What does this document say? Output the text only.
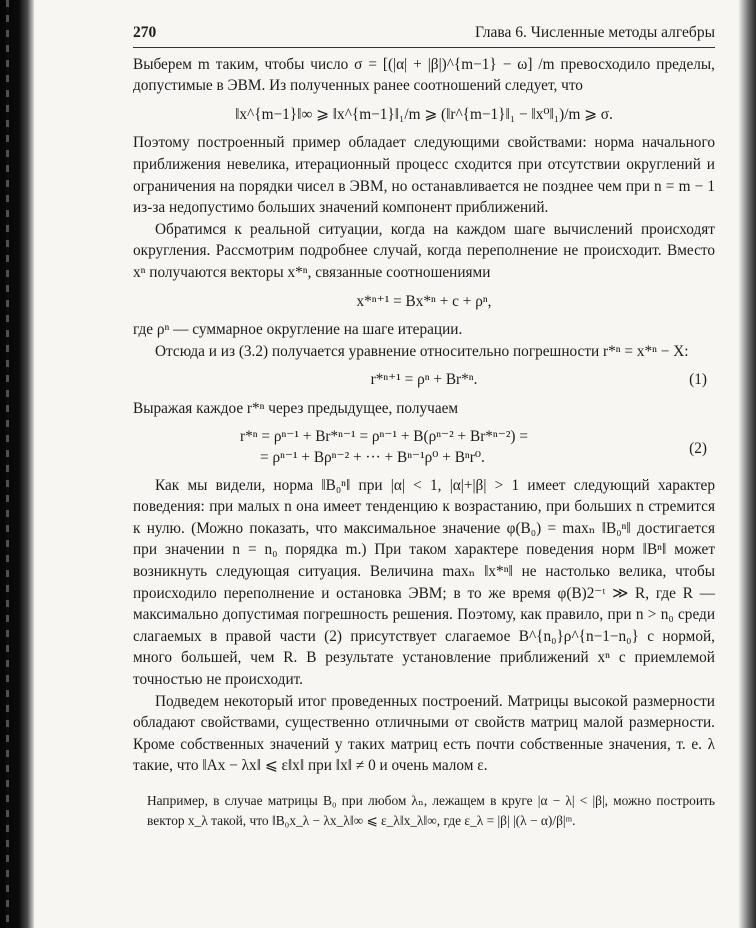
270	Глава 6. Численные методы алгебры

Выберем m таким, чтобы число σ = [(|α| + |β|)^{m−1} − ω] /m превосходило пределы, допустимые в ЭВМ. Из полученных ранее соотношений следует, что

‖x^{m−1}‖∞ ⩾ ‖x^{m−1}‖₁/m ⩾ (‖r^{m−1}‖₁ − ‖x⁰‖₁)/m ⩾ σ.

Поэтому построенный пример обладает следующими свойствами: норма начального приближения невелика, итерационный процесс сходится при отсутствии округлений и ограничения на порядки чисел в ЭВМ, но останавливается не позднее чем при n = m − 1 из-за недопустимо больших значений компонент приближений.

Обратимся к реальной ситуации, когда на каждом шаге вычислений происходят округления. Рассмотрим подробнее случай, когда переполнение не происходит. Вместо xⁿ получаются векторы x*ⁿ, связанные соотношениями

x*ⁿ⁺¹ = Bx*ⁿ + c + ρⁿ,

где ρⁿ — суммарное округление на шаге итерации.

Отсюда и из (3.2) получается уравнение относительно погрешности r*ⁿ = x*ⁿ − X:

r*ⁿ⁺¹ = ρⁿ + Br*ⁿ.	(1)

Выражая каждое r*ⁿ через предыдущее, получаем

r*ⁿ = ρⁿ⁻¹ + Br*ⁿ⁻¹ = ρⁿ⁻¹ + B(ρⁿ⁻² + Br*ⁿ⁻²) =
= ρⁿ⁻¹ + Bρⁿ⁻² + ··· + Bⁿ⁻¹ρ⁰ + Bⁿr⁰.
(2)

Как мы видели, норма ‖B₀ⁿ‖ при |α| < 1, |α|+|β| > 1 имеет следующий характер поведения: при малых n она имеет тенденцию к возрастанию, при больших n стремится к нулю. (Можно показать, что максимальное значение φ(B₀) = maxₙ ‖B₀ⁿ‖ достигается при значении n = n₀ порядка m.) При таком характере поведения норм ‖Bⁿ‖ может возникнуть следующая ситуация. Величина maxₙ ‖x*ⁿ‖ не настолько велика, чтобы происходило переполнение и остановка ЭВМ; в то же время φ(B)2⁻ᵗ ≫ R, где R — максимально допустимая погрешность решения. Поэтому, как правило, при n > n₀ среди слагаемых в правой части (2) присутствует слагаемое B^{n₀}ρ^{n−1−n₀} с нормой, много большей, чем R. В результате установление приближений xⁿ с приемлемой точностью не происходит.

Подведем некоторый итог проведенных построений. Матрицы высокой размерности обладают свойствами, существенно отличными от свойств матриц малой размерности. Кроме собственных значений у таких матриц есть почти собственные значения, т. е. λ такие, что ‖Ax − λx‖ ⩽ ε‖x‖ при ‖x‖ ≠ 0 и очень малом ε.

Например, в случае матрицы B₀ при любом λₙ, лежащем в круге |α − λ| < |β|, можно построить вектор x_λ такой, что ‖B₀x_λ − λx_λ‖∞ ⩽ ε_λ‖x_λ‖∞, где ε_λ = |β| |(λ − α)/β|ᵐ.
